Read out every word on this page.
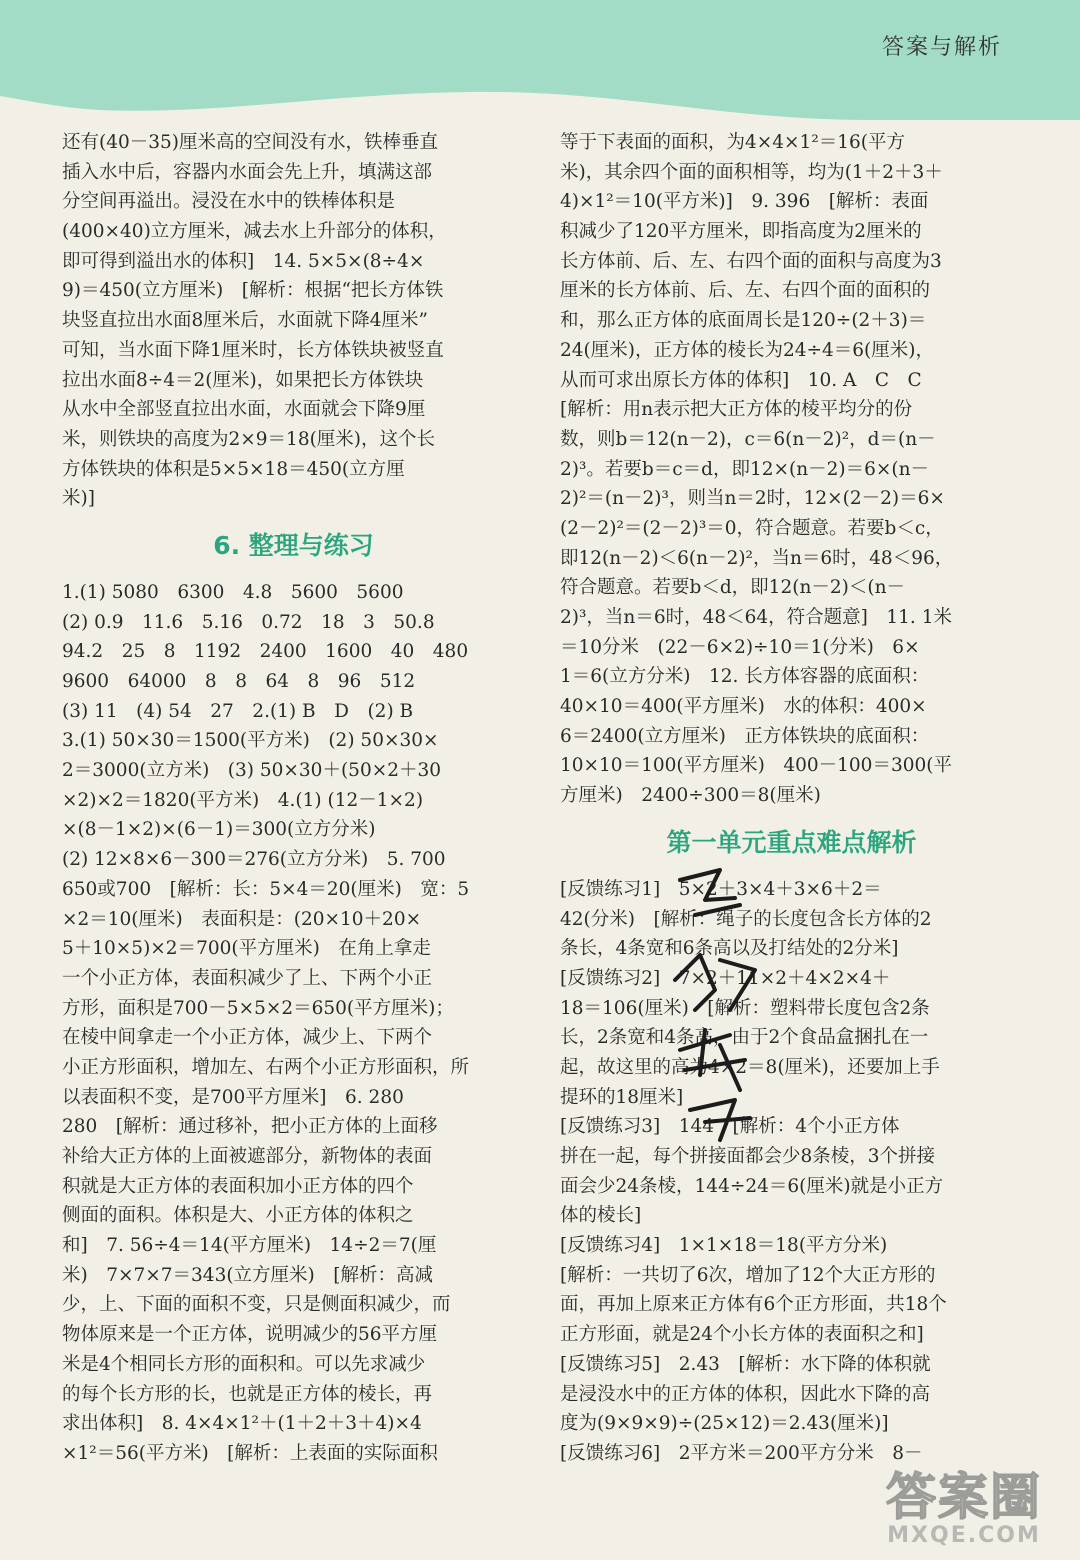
答案与解析
还有(40－35)厘米高的空间没有水，铁棒垂直
插入水中后，容器内水面会先上升，填满这部
分空间再溢出。浸没在水中的铁棒体积是
(400×40)立方厘米，减去水上升部分的体积，
即可得到溢出水的体积]　14. 5×5×(8÷4×
9)＝450(立方厘米)　[解析：根据“把长方体铁
块竖直拉出水面8厘米后，水面就下降4厘米”
可知，当水面下降1厘米时，长方体铁块被竖直
拉出水面8÷4＝2(厘米)，如果把长方体铁块
从水中全部竖直拉出水面，水面就会下降9厘
米，则铁块的高度为2×9＝18(厘米)，这个长
方体铁块的体积是5×5×18＝450(立方厘
米)]
6. 整理与练习
1.(1) 5080　6300　4.8　5600　5600
(2) 0.9　11.6　5.16　0.72　18　3　50.8
94.2　25　8　1192　2400　1600　40　480
9600　64000　8　8　64　8　96　512
(3) 11　(4) 54　27　2.(1) B　D　(2) B
3.(1) 50×30＝1500(平方米)　(2) 50×30×
2＝3000(立方米)　(3) 50×30＋(50×2＋30
×2)×2＝1820(平方米)　4.(1) (12－1×2)
×(8－1×2)×(6－1)＝300(立方分米)
(2) 12×8×6－300＝276(立方分米)　5. 700
650或700　[解析：长：5×4＝20(厘米)　宽：5
×2＝10(厘米)　表面积是：(20×10＋20×
5＋10×5)×2＝700(平方厘米)　在角上拿走
一个小正方体，表面积减少了上、下两个小正
方形，面积是700－5×5×2＝650(平方厘米)；
在棱中间拿走一个小正方体，减少上、下两个
小正方形面积，增加左、右两个小正方形面积，所
以表面积不变，是700平方厘米]　6. 280
280　[解析：通过移补，把小正方体的上面移
补给大正方体的上面被遮部分，新物体的表面
积就是大正方体的表面积加小正方体的四个
侧面的面积。体积是大、小正方体的体积之
和]　7. 56÷4＝14(平方厘米)　14÷2＝7(厘
米)　7×7×7＝343(立方厘米)　[解析：高减
少，上、下面的面积不变，只是侧面积减少，而
物体原来是一个正方体，说明减少的56平方厘
米是4个相同长方形的面积和。可以先求减少
的每个长方形的长，也就是正方体的棱长，再
求出体积]　8. 4×4×1²＋(1＋2＋3＋4)×4
×1²＝56(平方米)　[解析：上表面的实际面积
等于下表面的面积，为4×4×1²＝16(平方
米)，其余四个面的面积相等，均为(1＋2＋3＋
4)×1²＝10(平方米)]　9. 396　[解析：表面
积减少了120平方厘米，即指高度为2厘米的
长方体前、后、左、右四个面的面积与高度为3
厘米的长方体前、后、左、右四个面的面积的
和，那么正方体的底面周长是120÷(2＋3)＝
24(厘米)，正方体的棱长为24÷4＝6(厘米)，
从而可求出原长方体的体积]　10. A　C　C
[解析：用n表示把大正方体的棱平均分的份
数，则b＝12(n－2)，c＝6(n－2)²，d＝(n－
2)³。若要b＝c＝d，即12×(n－2)＝6×(n－
2)²＝(n－2)³，则当n＝2时，12×(2－2)＝6×
(2－2)²＝(2－2)³＝0，符合题意。若要b＜c，
即12(n－2)＜6(n－2)²，当n＝6时，48＜96，
符合题意。若要b＜d，即12(n－2)＜(n－
2)³，当n＝6时，48＜64，符合题意]　11. 1米
＝10分米　(22－6×2)÷10＝1(分米)　6×
1＝6(立方分米)　12. 长方体容器的底面积：
40×10＝400(平方厘米)　水的体积：400×
6＝2400(立方厘米)　正方体铁块的底面积：
10×10＝100(平方厘米)　400－100＝300(平
方厘米)　2400÷300＝8(厘米)
第一单元重点难点解析
[反馈练习1]　5×2＋3×4＋3×6＋2＝
42(分米)　[解析：绳子的长度包含长方体的2
条长，4条宽和6条高以及打结处的2分米]
[反馈练习2]　7×2＋11×2＋4×2×4＋
18＝106(厘米)　[解析：塑料带长度包含2条
长，2条宽和4条高，由于2个食品盒捆扎在一
起，故这里的高为4×2＝8(厘米)，还要加上手
提环的18厘米]
[反馈练习3]　144　[解析：4个小正方体
拼在一起，每个拼接面都会少8条棱，3个拼接
面会少24条棱，144÷24＝6(厘米)就是小正方
体的棱长]
[反馈练习4]　1×1×18＝18(平方分米)
[解析：一共切了6次，增加了12个大正方形的
面，再加上原来正方体有6个正方形面，共18个
正方形面，就是24个小长方体的表面积之和]
[反馈练习5]　2.43　[解析：水下降的体积就
是浸没水中的正方体的体积，因此水下降的高
度为(9×9×9)÷(25×12)＝2.43(厘米)]
[反馈练习6]　2平方米＝200平方分米　8－
答案圈
MXQE.COM
